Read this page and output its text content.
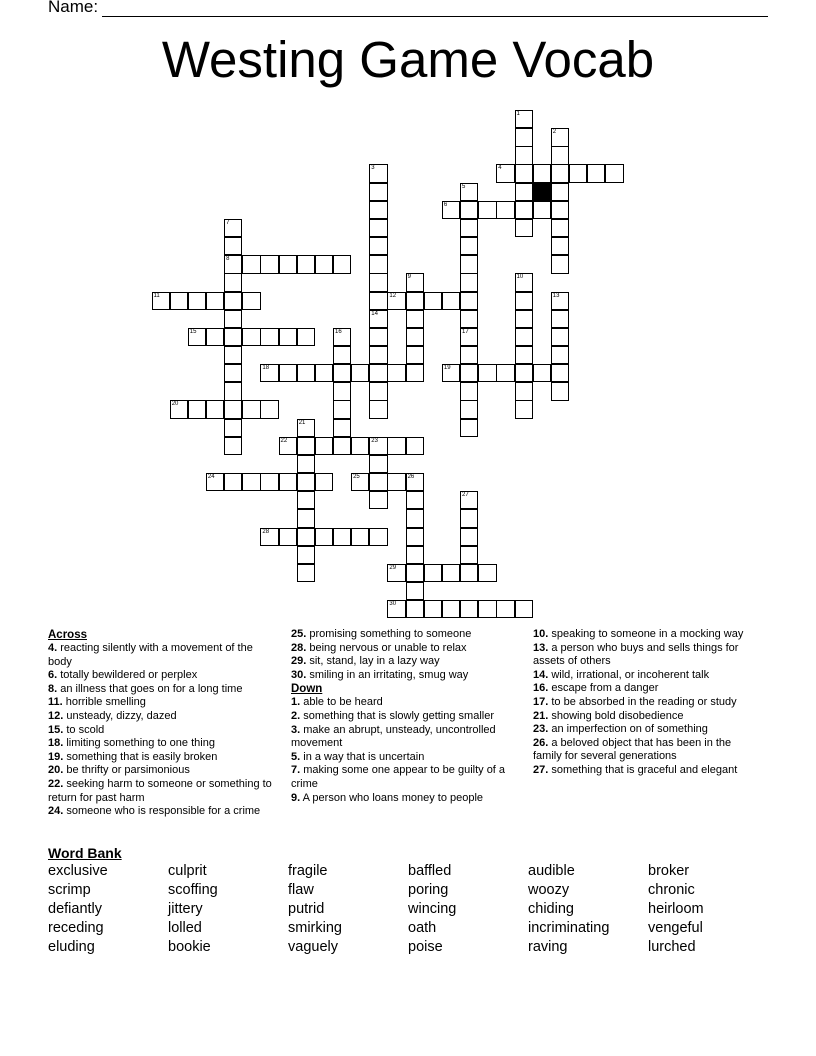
Name:
Westing Game Vocab
1
2
3
14
4
5
6
7
8
9	10
11	12	13
15	16	17
18	19
20
21
22	23
24	25	26
27
28
29
30
Across
4. reacting silently with a movement of the body
6. totally bewildered or perplex
8. an illness that goes on for a long time
11. horrible smelling
12. unsteady, dizzy, dazed
15. to scold
18. limiting something to one thing
19. something that is easily broken
20. be thrifty or parsimonious
22. seeking harm to someone or something to return for past harm
24. someone who is responsible for a crime
25. promising something to someone
28. being nervous or unable to relax
29. sit, stand, lay in a lazy way
30. smiling in an irritating, smug way
Down
1. able to be heard
2. something that is slowly getting smaller
3. make an abrupt, unsteady, uncontrolled movement
5. in a way that is uncertain
7. making some one appear to be guilty of a crime
9. A person who loans money to people
10. speaking to someone in a mocking way
13. a person who buys and sells things for assets of others
14. wild, irrational, or incoherent talk
16. escape from a danger
17. to be absorbed in the reading or study
21. showing bold disobedience
23. an imperfection on of something
26. a beloved object that has been in the family for several generations
27. something that is graceful and elegant
Word Bank
exclusive	culprit	fragile	baffled	audible	broker
scrimp	scoffing	flaw	poring	woozy	chronic
defiantly	jittery	putrid	wincing	chiding	heirloom
receding	lolled	smirking	oath	incriminating	vengeful
eluding	bookie	vaguely	poise	raving	lurched
